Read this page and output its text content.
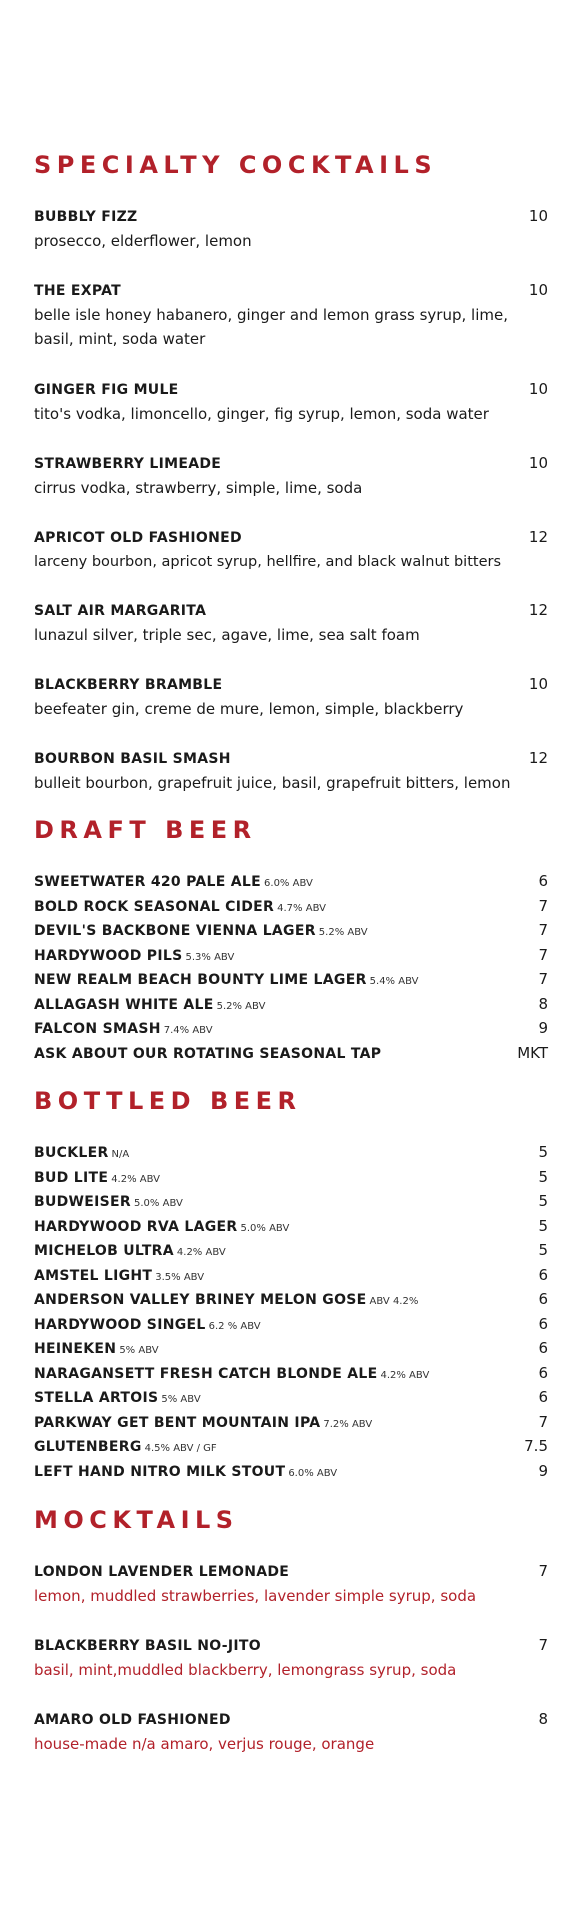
SPECIALTY COCKTAILS
BUBBLY FIZZ	10
prosecco, elderflower, lemon
THE EXPAT	10
belle isle honey habanero, ginger and lemon grass syrup, lime, basil, mint, soda water
GINGER FIG MULE	10
tito's vodka, limoncello, ginger, fig syrup, lemon, soda water
STRAWBERRY LIMEADE	10
cirrus vodka, strawberry, simple, lime, soda
APRICOT OLD FASHIONED	12
larceny bourbon, apricot syrup, hellfire, and black walnut bitters
SALT AIR MARGARITA	12
lunazul silver, triple sec, agave, lime, sea salt foam
BLACKBERRY BRAMBLE	10
beefeater gin, creme de mure, lemon, simple, blackberry
BOURBON BASIL SMASH	12
bulleit bourbon, grapefruit juice, basil, grapefruit bitters, lemon
DRAFT BEER
SWEETWATER 420 PALE ALE 6.0% ABV	6
BOLD ROCK SEASONAL CIDER 4.7% ABV	7
DEVIL'S BACKBONE VIENNA LAGER 5.2% ABV	7
HARDYWOOD PILS 5.3% ABV	7
NEW REALM BEACH BOUNTY LIME LAGER 5.4% ABV	7
ALLAGASH WHITE ALE 5.2% ABV	8
FALCON SMASH 7.4% ABV	9
ASK ABOUT OUR ROTATING SEASONAL TAP	MKT
BOTTLED BEER
BUCKLER N/A	5
BUD LITE 4.2% ABV	5
BUDWEISER 5.0% ABV	5
HARDYWOOD RVA LAGER 5.0% ABV	5
MICHELOB ULTRA 4.2% ABV	5
AMSTEL LIGHT 3.5% ABV	6
ANDERSON VALLEY BRINEY MELON GOSE ABV 4.2%	6
HARDYWOOD SINGEL 6.2 % ABV	6
HEINEKEN 5% ABV	6
NARAGANSETT FRESH CATCH BLONDE ALE 4.2% ABV	6
STELLA ARTOIS 5% ABV	6
PARKWAY GET BENT MOUNTAIN IPA 7.2% ABV	7
GLUTENBERG 4.5% ABV / GF	7.5
LEFT HAND NITRO MILK STOUT 6.0% ABV	9
MOCKTAILS
LONDON LAVENDER LEMONADE	7
lemon, muddled strawberries, lavender simple syrup, soda
BLACKBERRY BASIL NO-JITO	7
basil, mint,muddled blackberry, lemongrass syrup, soda
AMARO OLD FASHIONED	8
house-made n/a amaro, verjus rouge, orange
